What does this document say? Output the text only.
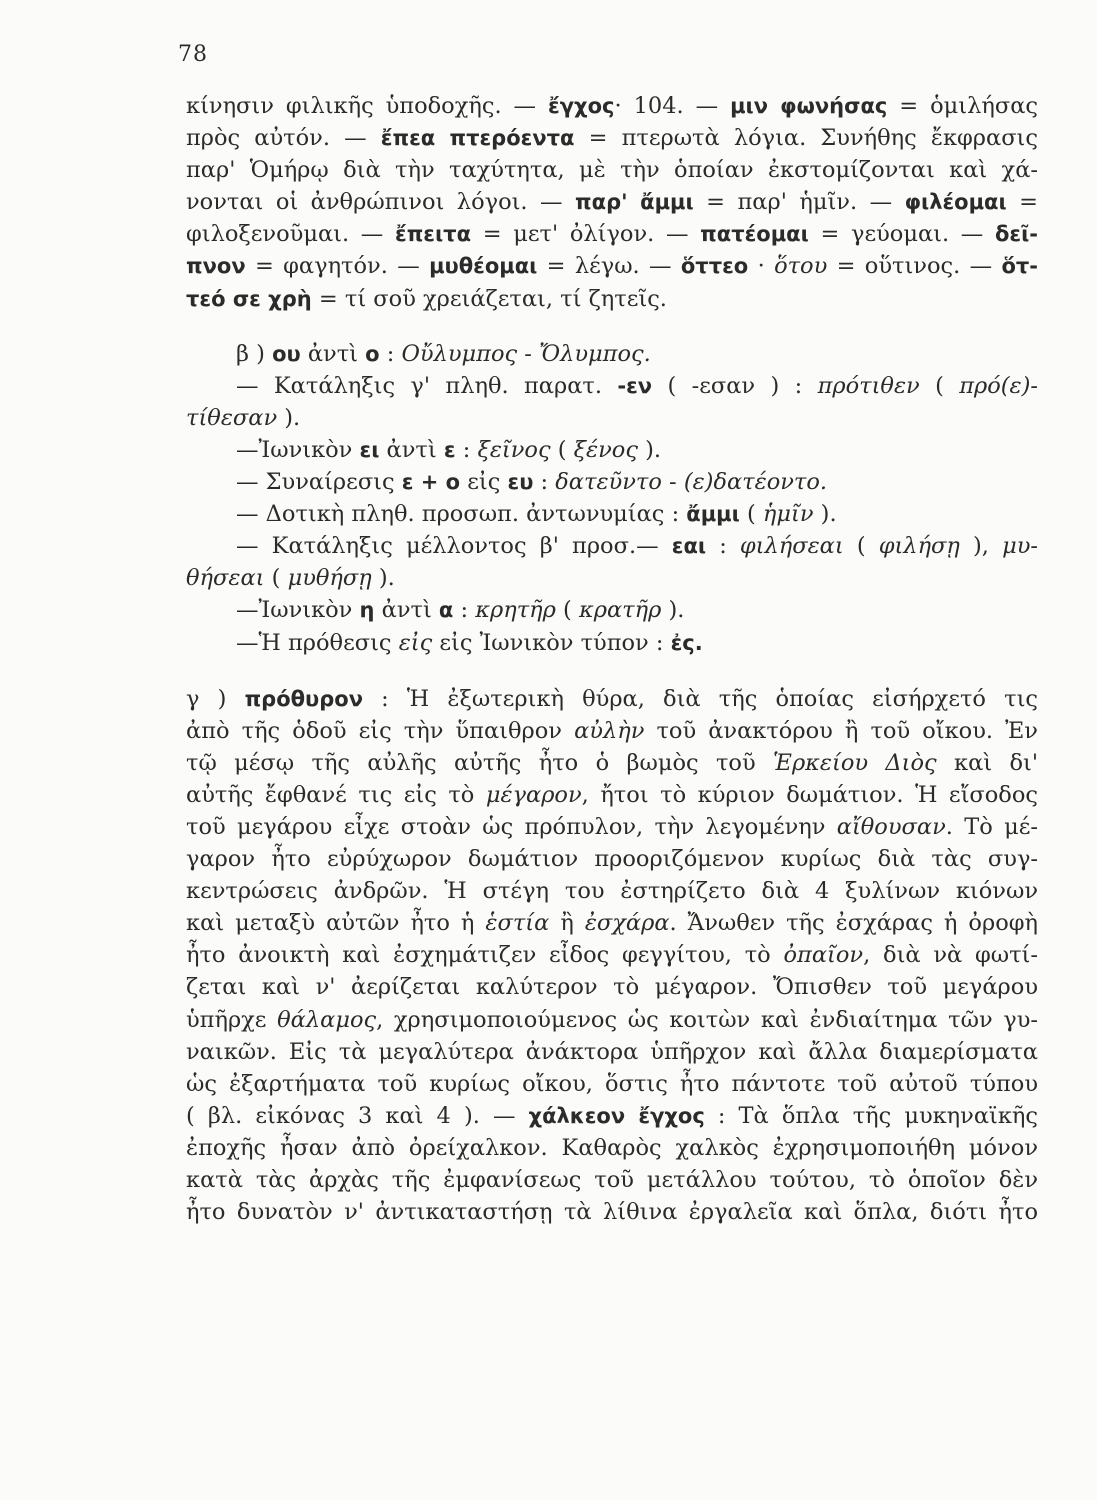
78
κίνησιν φιλικῆς ὑποδοχῆς. — ἔγχος· 104. — μιν φωνήσας = ὁμιλήσας
πρὸς αὐτόν. — ἔπεα πτερόεντα = πτερωτὰ λόγια. Συνήθης ἔκφρασις
παρ' Ὁμήρῳ διὰ τὴν ταχύτητα, μὲ τὴν ὁποίαν ἐκστομίζονται καὶ χά-
νονται οἱ ἀνθρώπινοι λόγοι. — παρ' ἄμμι = παρ' ἡμῖν. — φιλέομαι =
φιλοξενοῦμαι. — ἔπειτα = μετ' ὀλίγον. — πατέομαι = γεύομαι. — δεῖ-
πνον = φαγητόν. — μυθέομαι = λέγω. — ὅττεο · ὅτου = οὕτινος. — ὅτ-
τεό σε χρὴ = τί σοῦ χρειάζεται, τί ζητεῖς.
β ) ου ἀντὶ ο : Οὔλυμπος - Ὄλυμπος.
— Κατάληξις γ' πληθ. παρατ. -εν ( -εσαν ) : πρότιθεν ( πρό(ε)-
τίθεσαν ).
—Ἰωνικὸν ει ἀντὶ ε : ξεῖνος ( ξένος ).
— Συναίρεσις ε + ο εἰς ευ : δατεῦντο - (ε)δατέοντο.
— Δοτικὴ πληθ. προσωπ. ἀντωνυμίας : ἄμμι ( ἡμῖν ).
— Κατάληξις μέλλοντος β' προσ.— εαι : φιλήσεαι ( φιλήσῃ ), μυ-
θήσεαι ( μυθήσῃ ).
—Ἰωνικὸν η ἀντὶ α : κρητῆρ ( κρατῆρ ).
—Ἡ πρόθεσις εἰς εἰς Ἰωνικὸν τύπον : ἐς.
γ ) πρόθυρον : Ἡ ἐξωτερικὴ θύρα, διὰ τῆς ὁποίας εἰσήρχετό τις
ἀπὸ τῆς ὁδοῦ εἰς τὴν ὕπαιθρον αὐλὴν τοῦ ἀνακτόρου ἢ τοῦ οἴκου. Ἐν
τῷ μέσῳ τῆς αὐλῆς αὐτῆς ἦτο ὁ βωμὸς τοῦ Ἑρκείου Διὸς καὶ δι'
αὐτῆς ἔφθανέ τις εἰς τὸ μέγαρον, ἤτοι τὸ κύριον δωμάτιον. Ἡ εἴσοδος
τοῦ μεγάρου εἶχε στοὰν ὡς πρόπυλον, τὴν λεγομένην αἴθουσαν. Τὸ μέ-
γαρον ἦτο εὐρύχωρον δωμάτιον προοριζόμενον κυρίως διὰ τὰς συγ-
κεντρώσεις ἀνδρῶν. Ἡ στέγη του ἐστηρίζετο διὰ 4 ξυλίνων κιόνων
καὶ μεταξὺ αὐτῶν ἦτο ἡ ἑστία ἢ ἐσχάρα. Ἄνωθεν τῆς ἐσχάρας ἡ ὀροφὴ
ἦτο ἀνοικτὴ καὶ ἐσχημάτιζεν εἶδος φεγγίτου, τὸ ὀπαῖον, διὰ νὰ φωτί-
ζεται καὶ ν' ἀερίζεται καλύτερον τὸ μέγαρον. Ὄπισθεν τοῦ μεγάρου
ὑπῆρχε θάλαμος, χρησιμοποιούμενος ὡς κοιτὼν καὶ ἐνδιαίτημα τῶν γυ-
ναικῶν. Εἰς τὰ μεγαλύτερα ἀνάκτορα ὑπῆρχον καὶ ἄλλα διαμερίσματα
ὡς ἐξαρτήματα τοῦ κυρίως οἴκου, ὅστις ἦτο πάντοτε τοῦ αὐτοῦ τύπου
( βλ. εἰκόνας 3 καὶ 4 ). — χάλκεον ἔγχος : Τὰ ὅπλα τῆς μυκηναϊκῆς
ἐποχῆς ἦσαν ἀπὸ ὀρείχαλκον. Καθαρὸς χαλκὸς ἐχρησιμοποιήθη μόνον
κατὰ τὰς ἀρχὰς τῆς ἐμφανίσεως τοῦ μετάλλου τούτου, τὸ ὁποῖον δὲν
ἦτο δυνατὸν ν' ἀντικαταστήσῃ τὰ λίθινα ἐργαλεῖα καὶ ὅπλα, διότι ἦτο
